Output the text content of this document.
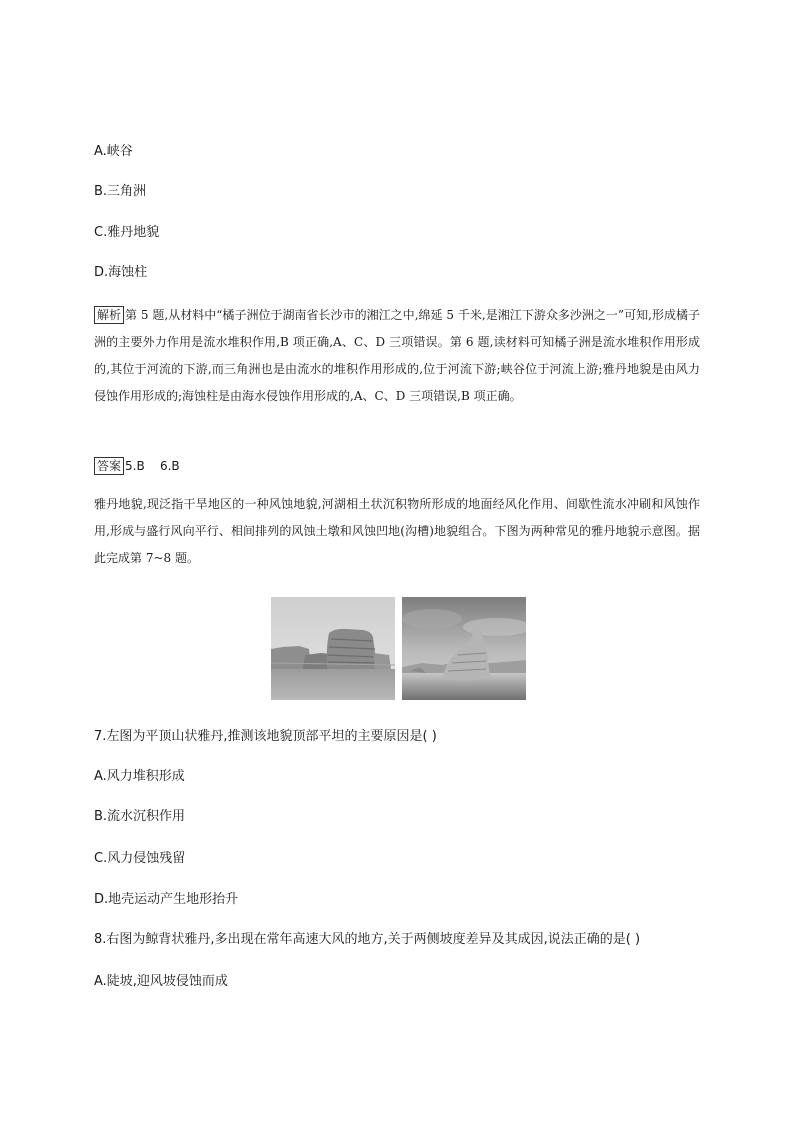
A.峡谷
B.三角洲
C.雅丹地貌
D.海蚀柱
解析 第 5 题,从材料中“橘子洲位于湖南省长沙市的湘江之中,绵延 5 千米,是湘江下游众多沙洲之一”可知,形成橘子洲的主要外力作用是流水堆积作用,B 项正确,A、C、D 三项错误。第 6 题,读材料可知橘子洲是流水堆积作用形成的,其位于河流的下游,而三角洲也是由流水的堆积作用形成的,位于河流下游;峡谷位于河流上游;雅丹地貌是由风力侵蚀作用形成的;海蚀柱是由海水侵蚀作用形成的,A、C、D 三项错误,B 项正确。
答案 5.B    6.B
雅丹地貌,现泛指干旱地区的一种风蚀地貌,河湖相土状沉积物所形成的地面经风化作用、间歇性流水冲刷和风蚀作用,形成与盛行风向平行、相间排列的风蚀土墩和风蚀凹地(沟槽)地貌组合。下图为两种常见的雅丹地貌示意图。据此完成第 7~8 题。
7.左图为平顶山状雅丹,推测该地貌顶部平坦的主要原因是( )
A.风力堆积形成
B.流水沉积作用
C.风力侵蚀残留
D.地壳运动产生地形抬升
8.右图为鲸背状雅丹,多出现在常年高速大风的地方,关于两侧坡度差异及其成因,说法正确的是( )
A.陡坡,迎风坡侵蚀而成
